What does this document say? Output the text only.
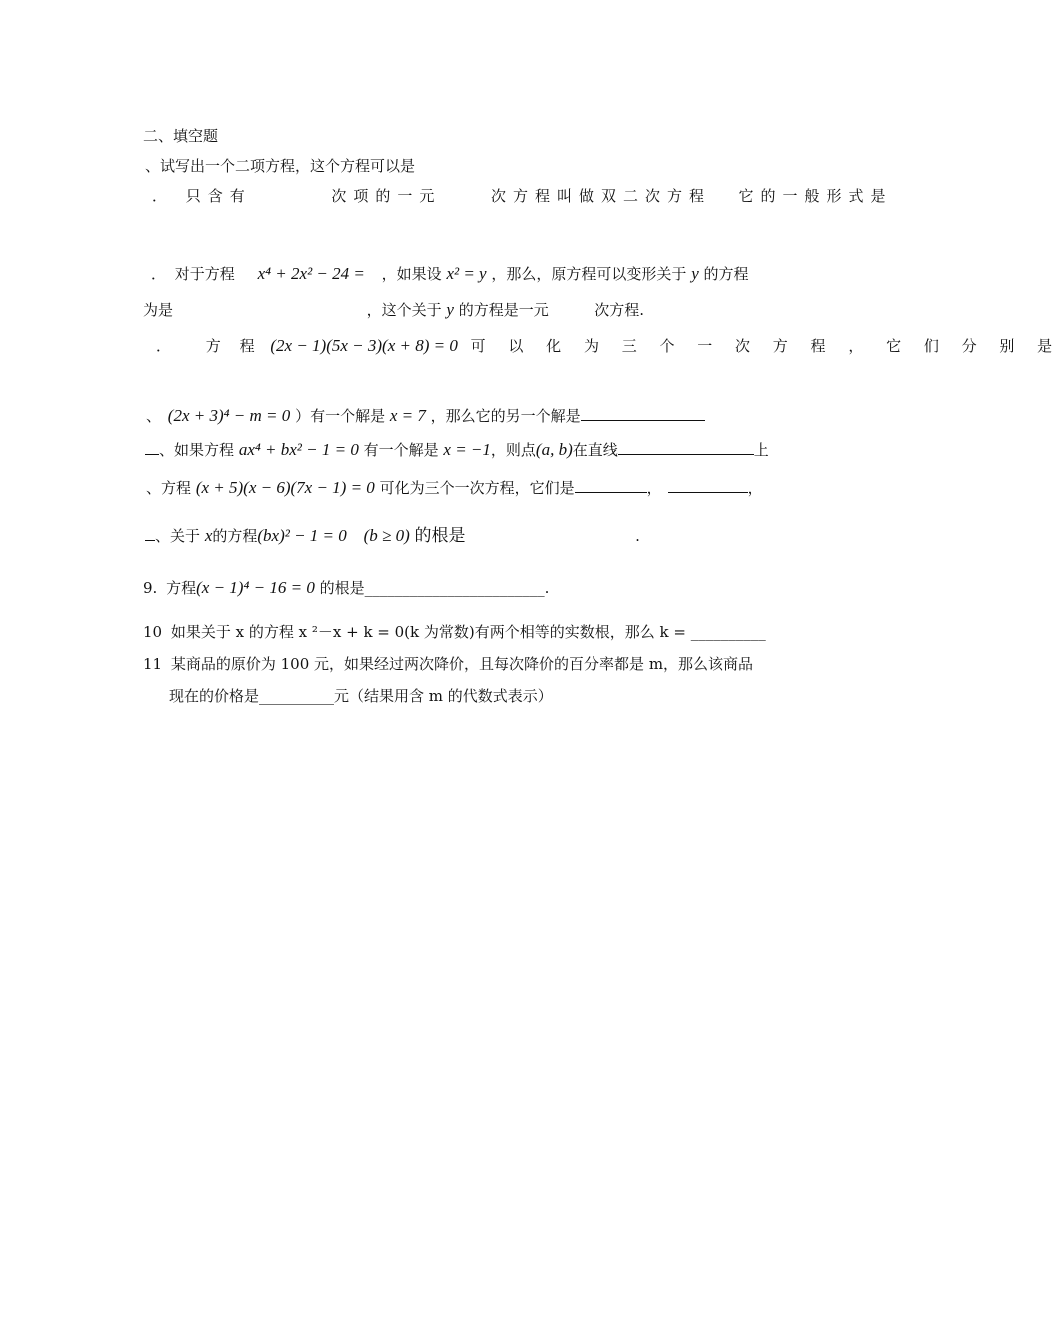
二、填空题
、试写出一个二项方程，这个方程可以是
． 只含有	次项的一元	次方程叫做双二次方程 它的一般形式是
． 对于方程 x⁴ + 2x² − 24 = ，如果设 x² = y ，那么，原方程可以变形关于 y 的方程
为是	，这个关于 y 的方程是一元	次方程.
． 方 程 (2x − 1)(5x − 3)(x + 8) = 0 可 以 化 为 三 个 一 次 方 程 ， 它 们 分 别 是
、 (2x + 3)⁴ − m = 0 ）有一个解是 x = 7 ，那么它的另一个解是
、如果方程 ax⁴ + bx² − 1 = 0 有一个解是 x = −1，则点(a, b)在直线	上
、方程 (x + 5)(x − 6)(7x − 1) = 0 可化为三个一次方程，它们是	，	，
、关于 x的方程(bx)² − 1 = 0 (b ≥ 0) 的根是	.
9. 方程(x − 1)⁴ − 16 = 0 的根是________________________.
10 如果关于 x 的方程 x ²－x + k = 0(k 为常数)有两个相等的实数根，那么 k = __________
11 某商品的原价为 100 元，如果经过两次降价，且每次降价的百分率都是 m，那么该商品
现在的价格是__________元（结果用含 m 的代数式表示）
